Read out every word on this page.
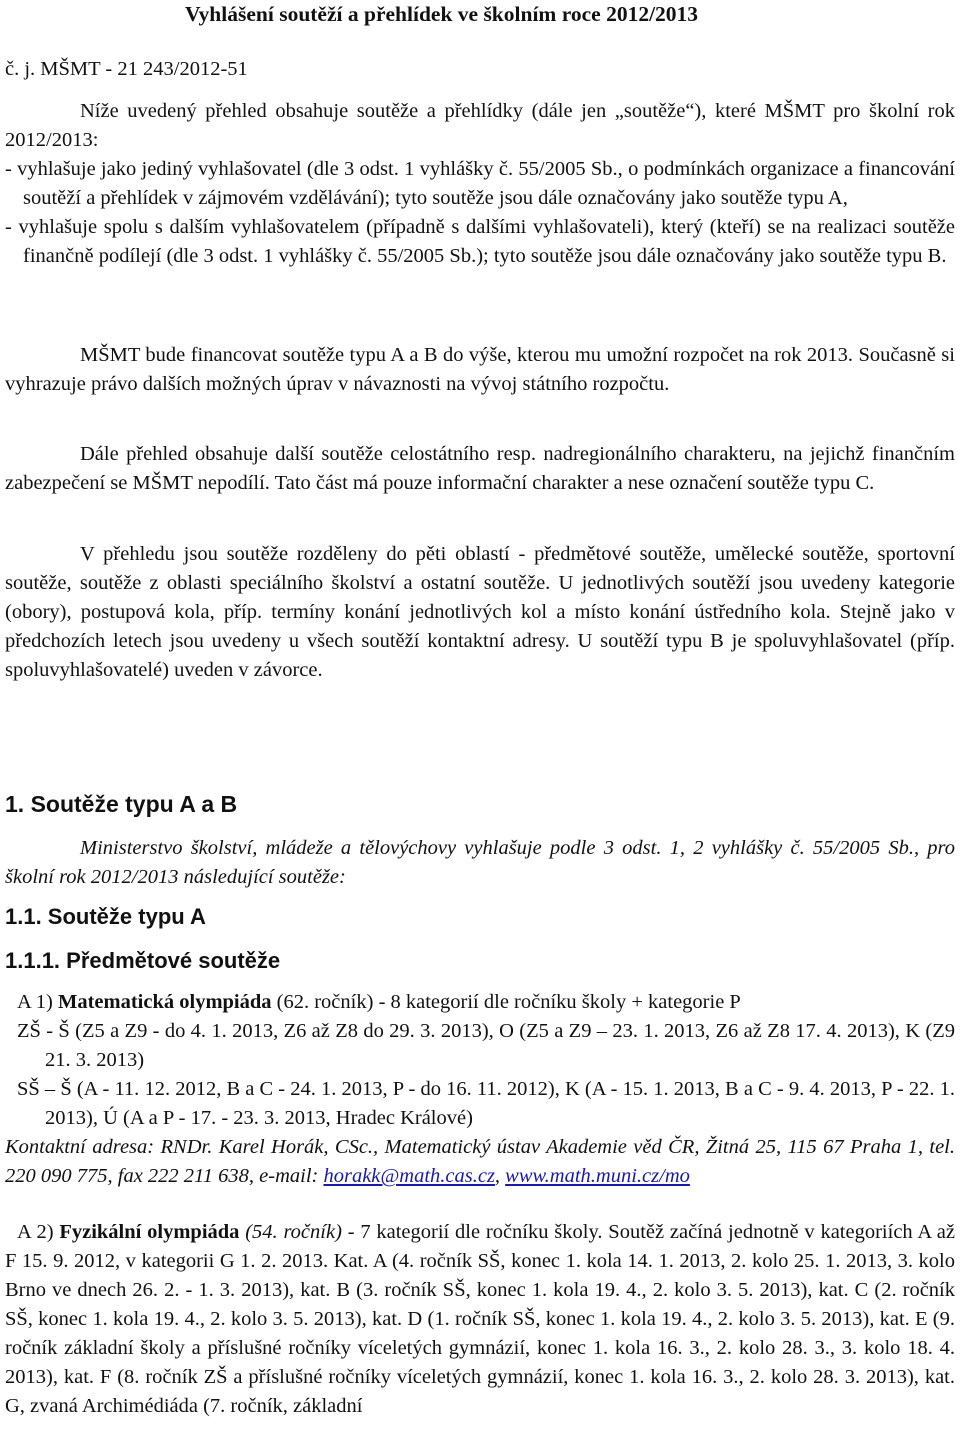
Vyhlášení soutěží a přehlídek ve školním roce 2012/2013
č. j. MŠMT - 21 243/2012-51

Níže uvedený přehled obsahuje soutěže a přehlídky (dále jen „soutěže“), které MŠMT pro školní rok 2012/2013:

- vyhlašuje jako jediný vyhlašovatel (dle 3 odst. 1 vyhlášky č. 55/2005 Sb., o podmínkách organizace a financování soutěží a přehlídek v zájmovém vzdělávání); tyto soutěže jsou dále označovány jako soutěže typu A,

- vyhlašuje spolu s dalším vyhlašovatelem (případně s dalšími vyhlašovateli), který (kteří) se na realizaci soutěže finančně podílejí (dle 3 odst. 1 vyhlášky č. 55/2005 Sb.); tyto soutěže jsou dále označovány jako soutěže typu B.

MŠMT bude financovat soutěže typu A a B do výše, kterou mu umožní rozpočet na rok 2013. Současně si vyhrazuje právo dalších možných úprav v návaznosti na vývoj státního rozpočtu.

Dále přehled obsahuje další soutěže celostátního resp. nadregionálního charakteru, na jejichž finančním zabezpečení se MŠMT nepodílí. Tato část má pouze informační charakter a nese označení soutěže typu C.

V přehledu jsou soutěže rozděleny do pěti oblastí - předmětové soutěže, umělecké soutěže, sportovní soutěže, soutěže z oblasti speciálního školství a ostatní soutěže. U jednotlivých soutěží jsou uvedeny kategorie (obory), postupová kola, příp. termíny konání jednotlivých kol a místo konání ústředního kola. Stejně jako v předchozích letech jsou uvedeny u všech soutěží kontaktní adresy. U soutěží typu B je spoluvyhlašovatel (příp. spoluvyhlašovatelé) uveden v závorce.

1. Soutěže typu A a B

Ministerstvo školství, mládeže a tělovýchovy vyhlašuje podle 3 odst. 1, 2 vyhlášky č. 55/2005 Sb., pro školní rok 2012/2013 následující soutěže:

1.1. Soutěže typu A
1.1.1. Předmětové soutěže

A 1) Matematická olympiáda (62. ročník) - 8 kategorií dle ročníku školy + kategorie P

ZŠ - Š (Z5 a Z9 - do 4. 1. 2013, Z6 až Z8 do 29. 3. 2013), O (Z5 a Z9 – 23. 1. 2013, Z6 až Z8 17. 4. 2013), K (Z9 21. 3. 2013)

SŠ – Š (A - 11. 12. 2012, B a C - 24. 1. 2013, P - do 16. 11. 2012), K (A - 15. 1. 2013, B a C - 9. 4. 2013, P - 22. 1. 2013), Ú (A a P - 17. - 23. 3. 2013, Hradec Králové)

Kontaktní adresa: RNDr. Karel Horák, CSc., Matematický ústav Akademie věd ČR, Žitná 25, 115 67 Praha 1, tel. 220 090 775, fax 222 211 638, e-mail: horakk@math.cas.cz, www.math.muni.cz/mo

A 2) Fyzikální olympiáda (54. ročník) - 7 kategorií dle ročníku školy. Soutěž začíná jednotně v kategoriích A až F 15. 9. 2012, v kategorii G 1. 2. 2013. Kat. A (4. ročník SŠ, konec 1. kola 14. 1. 2013, 2. kolo 25. 1. 2013, 3. kolo Brno ve dnech 26. 2. - 1. 3. 2013), kat. B (3. ročník SŠ, konec 1. kola 19. 4., 2. kolo 3. 5. 2013), kat. C (2. ročník SŠ, konec 1. kola 19. 4., 2. kolo 3. 5. 2013), kat. D (1. ročník SŠ, konec 1. kola 19. 4., 2. kolo 3. 5. 2013), kat. E (9. ročník základní školy a příslušné ročníky víceletých gymnázií, konec 1. kola 16. 3., 2. kolo 28. 3., 3. kolo 18. 4. 2013), kat. F (8. ročník ZŠ a příslušné ročníky víceletých gymnázií, konec 1. kola 16. 3., 2. kolo 28. 3. 2013), kat. G, zvaná Archimédiáda (7. ročník, základní
